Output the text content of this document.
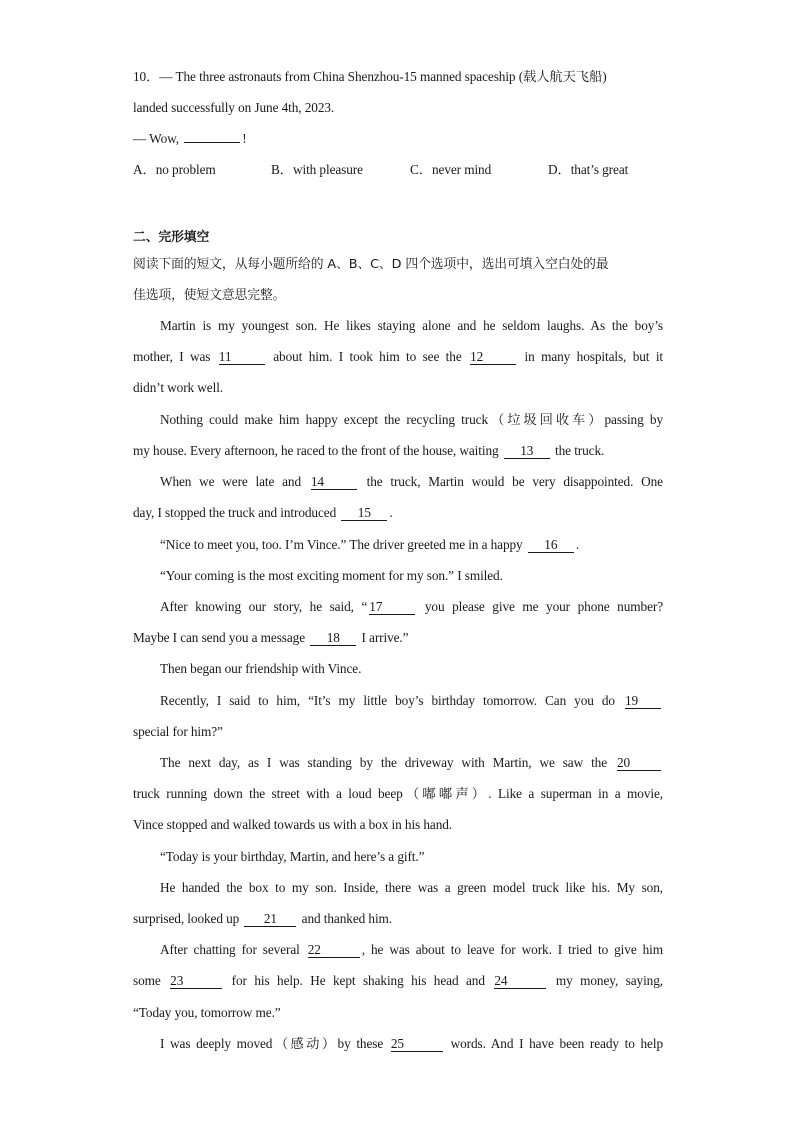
10．— The three astronauts from China Shenzhou-15 manned spaceship (载人航天飞船)
landed successfully on June 4th, 2023.
— Wow,	!
A．no problem	B．with pleasure	C．never mind	D．that’s great
二、完形填空
阅读下面的短文，从每小题所给的 A、B、C、D 四个选项中，选出可填入空白处的最
佳选项，使短文意思完整。
Martin is my youngest son. He likes staying alone and he seldom laughs. As the boy’s
mother, I was 11	about him. I took him to see the 12	in many hospitals, but it
didn’t work well.
Nothing could make him happy except the recycling truck（垃圾回收车）passing by
my house. Every afternoon, he raced to the front of the house, waiting 13 the truck.
When we were late and 14	the truck, Martin would be very disappointed. One
day, I stopped the truck and introduced 15 .
“Nice to meet you, too. I’m Vince.” The driver greeted me in a happy 16 .
“Your coming is the most exciting moment for my son.” I smiled.
After knowing our story, he said, “ 17	you please give me your phone number?
Maybe I can send you a message 18 I arrive.”
Then began our friendship with Vince.
Recently, I said to him, “It’s my little boy’s birthday tomorrow. Can you do 19
special for him?”
The next day, as I was standing by the driveway with Martin, we saw the 20
truck running down the street with a loud beep（嘟嘟声）. Like a superman in a movie,
Vince stopped and walked towards us with a box in his hand.
“Today is your birthday, Martin, and here’s a gift.”
He handed the box to my son. Inside, there was a green model truck like his. My son,
surprised, looked up 21 and thanked him.
After chatting for several 22	, he was about to leave for work. I tried to give him
some 23	for his help. He kept shaking his head and 24	my money, saying,
“Today you, tomorrow me.”
I was deeply moved（感动）by these 25	words. And I have been ready to help
